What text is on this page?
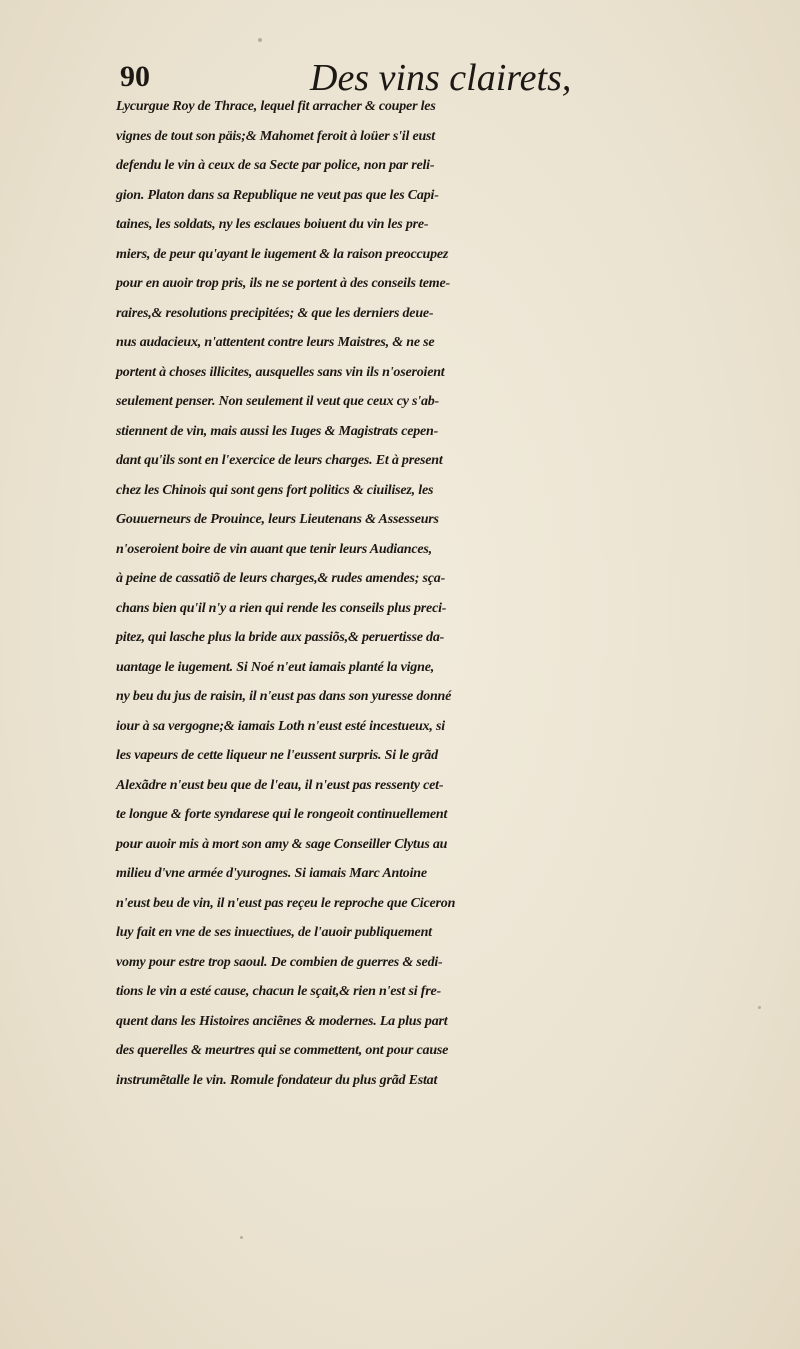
90	Des vins clairets,
Lycurgue Roy de Thrace, lequel fit arracher & couper les
vignes de tout son päis;& Mahomet feroit à loüer s'il eust
defendu le vin à ceux de sa Secte par police, non par reli-
gion. Platon dans sa Republique ne veut pas que les Capi-
taines, les soldats, ny les esclaues boiuent du vin les pre-
miers, de peur qu'ayant le iugement & la raison preoccupez
pour en auoir trop pris, ils ne se portent à des conseils teme-
raires,& resolutions precipitées; & que les derniers deue-
nus audacieux, n'attentent contre leurs Maistres, & ne se
portent à choses illicites, ausquelles sans vin ils n'oseroient
seulement penser. Non seulement il veut que ceux cy s'ab-
stiennent de vin, mais aussi les Iuges & Magistrats cepen-
dant qu'ils sont en l'exercice de leurs charges. Et à present
chez les Chinois qui sont gens fort politics & ciuilisez, les
Gouuerneurs de Prouince, leurs Lieutenans & Assesseurs
n'oseroient boire de vin auant que tenir leurs Audiances,
à peine de cassatiõ de leurs charges,& rudes amendes; sça-
chans bien qu'il n'y a rien qui rende les conseils plus preci-
pitez, qui lasche plus la bride aux passiõs,& peruertisse da-
uantage le iugement. Si Noé n'eut iamais planté la vigne,
ny beu du jus de raisin, il n'eust pas dans son yuresse donné
iour à sa vergogne;& iamais Loth n'eust esté incestueux, si
les vapeurs de cette liqueur ne l'eussent surpris. Si le grãd
Alexãdre n'eust beu que de l'eau, il n'eust pas ressenty cet-
te longue & forte syndarese qui le rongeoit continuellement
pour auoir mis à mort son amy & sage Conseiller Clytus au
milieu d'vne armée d'yurognes. Si iamais Marc Antoine
n'eust beu de vin, il n'eust pas reçeu le reproche que Ciceron
luy fait en vne de ses inuectiues, de l'auoir publiquement
vomy pour estre trop saoul. De combien de guerres & sedi-
tions le vin a esté cause, chacun le sçait,& rien n'est si fre-
quent dans les Histoires anciẽnes & modernes. La plus part
des querelles & meurtres qui se commettent, ont pour cause
instrumẽtalle le vin. Romule fondateur du plus grãd Estat
